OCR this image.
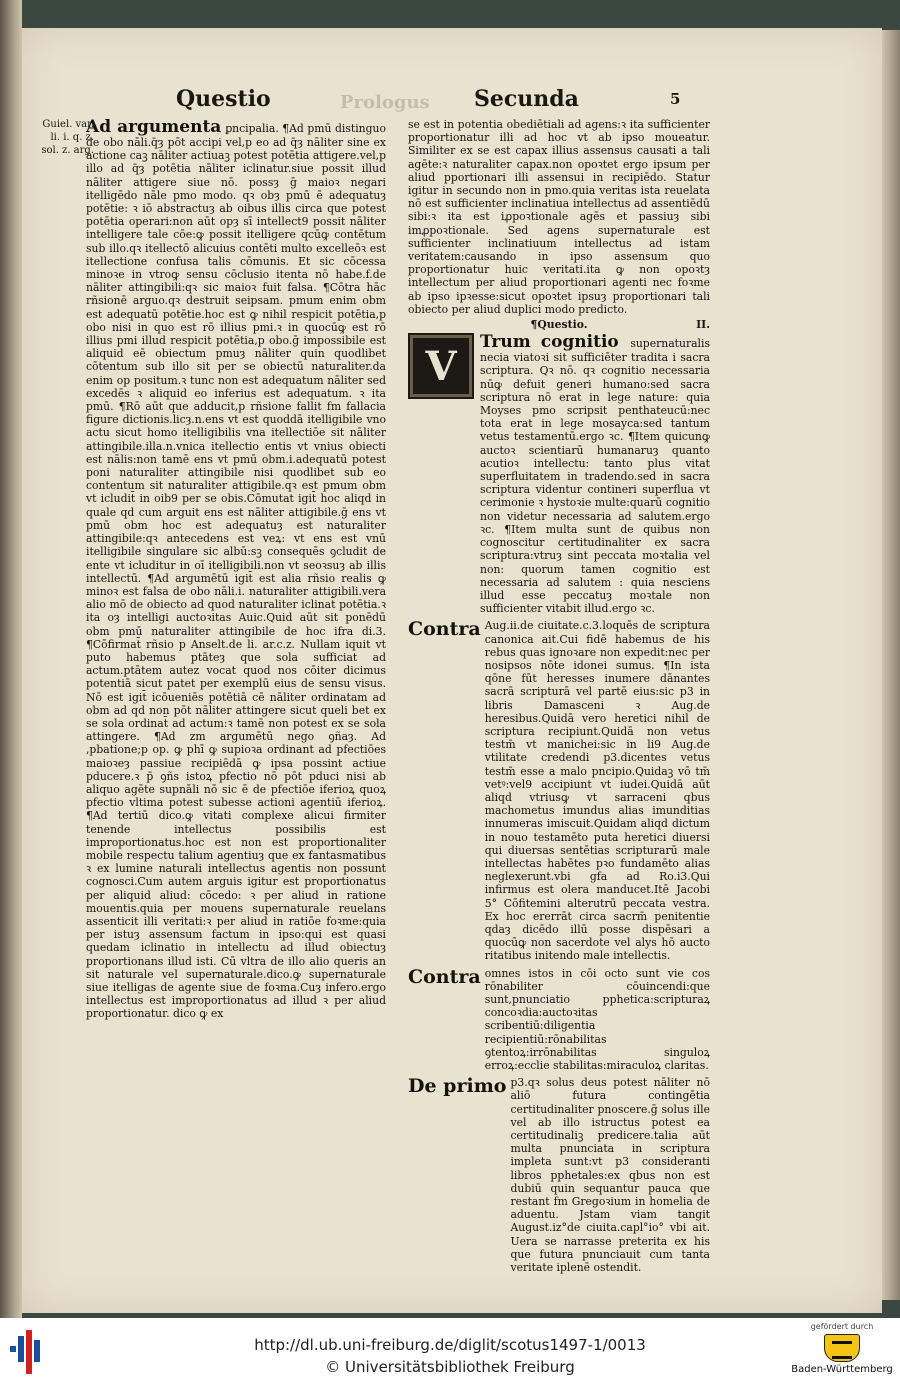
Prologus
Questio	Secunda	5
Guiel. var. li. i. q. z. sol. z. arg.

Ad argumenta ꝑncipalia. ¶Ad pmū distinguo de obo nāli.q̄ȝ pōt accipi vel,p eo ad q̄ȝ nāliter sine ex actione caꝫ nāliter actiuaꝫ potest potētia attigere.vel,p illo ad q̄ȝ potētia nāliter iclinatur.siue possit illud nāliter attigere siue nō. possȝ ḡ maioꝛ negari itelligēdo nāle pmo modo. qꝛ obȝ pmū ē adequatuȝ potētie: ꝛ iō abstractuȝ ab oibus illis circa que potest potētia operari:non aūt opȝ sī intellect9 possit nāliter intelligere tale cōe:ꝙ possit itelligere qcūꝙ contētum sub illo.qꝛ itellectō alicuius contēti multo excelleōꝛ est itellectione confusa talis cōmunis. Et sic cōcessa minoꝛe in vtroꝙ sensu cōclusio itenta nō habe.f.de nāliter attingibili:qꝛ sic maioꝛ fuit falsa. ¶Cōtra hāc rñsionē arguo.qꝛ destruit seipsam. pmum enim obm est adequatū potētie.hoc est ꝙ nihil respicit potētia,p obo nisi in quo est rō illius pmi.ꝛ in quocūꝙ est rō illius pmi illud respicit potētia,p obo.ḡ impossibile est aliquid eē obiectum pmuȝ nāliter quin quodlibet cōtentum sub illo sit per se obiectū naturaliter.da enim op positum.ꝛ tunc non est adequatum nāliter sed excedēs ꝛ aliquid eo inferius est adequatum. ꝛ ita pmū. ¶Rō aūt que adducit,p rñsione fallit fm fallacia figure dictionis.licȝ.n.ens vt est quoddā itelligibile vno actu sicut homo itelligibilis vna itellectiōe sit nāliter attingibile.illa.n.vnica itellectio entis vt vnius obiecti est nālis:non tamē ens vt pmū obm.i.adequatū potest poni naturaliter attingibile nisi quodlibet sub eo contentum sit naturaliter attigibile.qꝛ est pmum obm vt icludit̄ in oib9 per se obis.Cōmutat igit̄ hoc aliqd in quale qd cum arguit ens est nāliter attigibile.ḡ ens vt pmū obm hoc est adequatuȝ est naturaliter attingibile:qꝛ antecedens est veꝝ: vt ens est vnū itelligibile singulare sic albū:sꝫ consequēs ꝯcludit de ente vt icluditur in oī itelligibili.non vt seoꝛsuȝ ab illis intellectū. ¶Ad argumētū igit̄ est alia rñsio realis ꝙ minoꝛ est falsa de obo nāli.i. naturaliter attigibili.vera alio mō de obiecto ad quod naturaliter iclinat̄ potētia.ꝛ ita oȝ intelligi auctoꝛitas Auic.Quid aūt sit ponēdū obm pmū naturaliter attingibile de hoc ifra di.3. ¶Cōfirmat̄ rñsio p Anselt.de li. ar.c.z. Nullam iquit vt puto habemus ptāteȝ que sola sufficiat ad actum.ptātem autez vocat quod nos cōiter dicimus potentiā sicut patet per exemplū eius de sensu visus. Nō est igit̄ icōueniēs potētiā cē nāliter ordinatam ad obm ad qd non pōt nāliter attingere sicut queli bet ex se sola ordinat̄ ad actum:ꝛ tamē non potest ex se sola attingere. ¶Ad zm argumētū nego ꝯñaȝ. Ad ,pbatione;p op. ꝙ phī ꝙ supioꝛa ordinant ad pfectiōes maioꝛeȝ passiue recipiēdā ꝙ ipsa possint actiue pducere.ꝛ p̄ ꝯñs istoꝝ pfectio nō pōt pduci nisi ab aliquo agēte supnāli nō sic ē de pfectiōe iferioꝝ quoꝝ pfectio vltima potest subesse actioni agentiū iferioꝝ. ¶Ad tertiū dico.ꝙ vitati complexe alicui firmiter tenende intellectus possibilis est improportionatus.hoc est non est proportionaliter mobile respectu talium agentiuȝ que ex fantasmatibus ꝛ ex lumine naturali intellectus agentis non possunt cognosci.Cum autem arguis igitur est proportionatus per aliquid aliud: cōcedo: ꝛ per aliud in ratione mouentis.quia per mouens supernaturale reuelans assenticit illi veritati:ꝛ per aliud in ratiōe foꝛme:quia per istuȝ assensum factum in ipso:qui est quasi quedam iclinatio in intellectu ad illud obiectuȝ proportionans illud isti. Cū vltra de illo alio queris an sit naturale vel supernaturale.dico.ꝙ supernaturale siue itelligas de agente siue de foꝛma.Cuȝ infero.ergo intellectus est improportionatus ad illud ꝛ per aliud proportionatur. dico ꝙ ex

se est in potentia obediētiali ad agens:ꝛ ita sufficienter proportionatur illi ad hoc vt ab ipso moueatur. Similiter ex se est capax illius assensus causati a tali agēte:ꝛ naturaliter capax.non opoꝛtet ergo ipsum per aliud pportionari illi assensui in recipiēdo. Statur igitur in secundo non in pmo.quia veritas ista reuelata nō est sufficienter inclinatiua intellectus ad assentiēdū sibi:ꝛ ita est iꝓpoꝛtionale agēs et passiuȝ sibi imꝓpoꝛtionale. Sed agens supernaturale est sufficienter inclinatiuum intellectus ad istam veritatem:causando in ipso assensum quo proportionatur huic veritati.ita ꝙ non opoꝛtȝ intellectum per aliud proportionari agenti nec foꝛme ab ipso ipꝛesse:sicut opoꝛtet ipsuȝ proportionari tali obiecto per aliud duplici modo predicto.

¶Questio.	II.
V

Trum cognitio supernaturalis necia viatoꝛi sit sufficiēter tradita i sacra scriptura. Qꝛ nō. qꝛ cognitio necessaria nūꝙ defuit generi humano:sed sacra scriptura nō erat in lege nature: quia Moyses pmo scripsit penthateucū:nec tota erat in lege mosayca:sed tantum vetus testamentū.ergo ꝛc. ¶Item quicunꝙ auctoꝛ scientiarū humanaruȝ quanto acutioꝛ intellectu: tanto plus vitat superfluitatem in tradendo.sed in sacra scriptura videntur contineri superflua vt cerimonie ꝛ hystoꝛie multe:quarū cognitio non videtur necessaria ad salutem.ergo ꝛc. ¶Item multa sunt de quibus non cognoscitur certitudinaliter ex sacra scriptura:vtruȝ sint peccata moꝛtalia vel non: quorum tamen cognitio est necessaria ad salutem : quia nesciens illud esse peccatuȝ moꝛtale non sufficienter vitabit illud.ergo ꝛc.

Contra Aug.ii.de ciuitate.c.3.loquēs de scriptura canonica ait.Cui fidē habemus de his rebus quas ignoꝛare non expedit:nec per nosipsos nōte idonei sumus. ¶In ista qōne fūt heresses inumere dānantes sacrā scripturā vel partē eius:sic p3 in libris Damasceni ꝛ Aug.de heresibus.Quidā vero heretici nihil de scriptura recipiunt.Quidā non vetus testm̄ vt manichei:sic in li9 Aug.de vtilitate credendi p3.dicentes vetus testm̄ esse a malo pncipio.Quidaꝫ vō tm̄ vetꝰ:vel9 accipiunt vt iudei.Quidā aūt aliqd vtriusꝙ vt sarraceni qbus machometus imundus alias imunditias innumeras imiscuit.Quidam aliqd dictum in nouo testamēto puta heretici diuersi qui diuersas sentētias scripturarū male intellectas habētes pꝛo fundamēto alias neglexerunt.vbi gfa ad Ro.i3.Qui infirmus est olera manducet.Itē Jacobi 5° Cōfitemini alterutrū peccata vestra. Ex hoc ererrāt circa sacrm̄ penitentie qdaȝ dicēdo illū posse dispēsari a quocūꝙ non sacerdote vel alys hō aucto ritatibus initendo male intellectis.

Contra omnes istos in cōi octo sunt vie cos rōnabiliter cōuincendi:que sunt,pnunciatio pphetica:scripturaꝝ concoꝛdia:auctoꝛitas scribentiū:diligentia recipientiū:rōnabilitas ꝯtentoꝝ:irrōnabilitas singuloꝝ erroꝝ:ecclie stabilitas:miraculoꝝ claritas.

De primo p3.qꝛ solus deus potest nāliter nō aliō futura contingētia certitudinaliter pnoscere.ḡ solus ille vel ab illo istructus potest ea certitudinaliꝫ predicere.talia aūt multa pnunciata in scriptura impleta sunt:vt p3 consideranti libros pphetales:ex qbus non est dubiū quin sequantur pauca que restant fm Gregoꝛium in homelia de aduentu. Jstam viam tangit August.iz°de ciuita.capl°io° vbi ait. Uera se narrasse preterita ex his que futura pnunciauit cum tanta veritate iplenē ostendit.

http://dl.ub.uni-freiburg.de/diglit/scotus1497-1/0013
© Universitätsbibliothek Freiburg
gefördert durch
Baden-Württemberg
